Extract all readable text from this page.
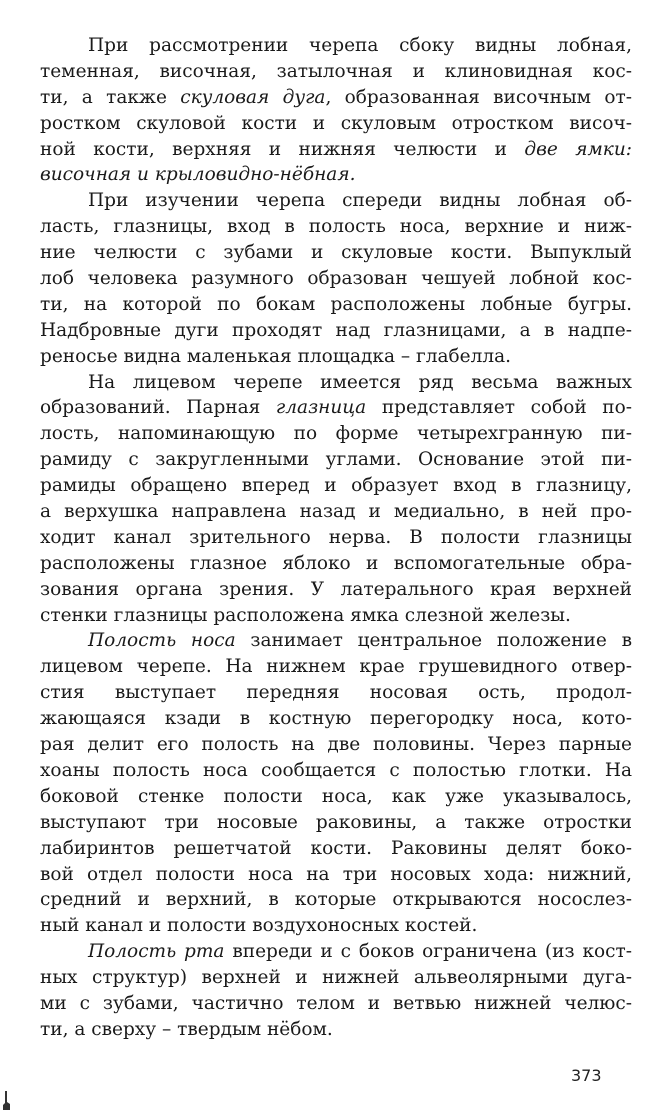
При рассмотрении черепа сбоку видны лобная,
теменная, височная, затылочная и клиновидная кос-
ти, а также скуловая дуга, образованная височным от-
ростком скуловой кости и скуловым отростком височ-
ной кости, верхняя и нижняя челюсти и две ямки:
височная и крыловидно-нёбная.
При изучении черепа спереди видны лобная об-
ласть, глазницы, вход в полость носа, верхние и ниж-
ние челюсти с зубами и скуловые кости. Выпуклый
лоб человека разумного образован чешуей лобной кос-
ти, на которой по бокам расположены лобные бугры.
Надбровные дуги проходят над глазницами, а в надпе-
реносье видна маленькая площадка – глабелла.
На лицевом черепе имеется ряд весьма важных
образований. Парная глазница представляет собой по-
лость, напоминающую по форме четырехгранную пи-
рамиду с закругленными углами. Основание этой пи-
рамиды обращено вперед и образует вход в глазницу,
а верхушка направлена назад и медиально, в ней про-
ходит канал зрительного нерва. В полости глазницы
расположены глазное яблоко и вспомогательные обра-
зования органа зрения. У латерального края верхней
стенки глазницы расположена ямка слезной железы.
Полость носа занимает центральное положение в
лицевом черепе. На нижнем крае грушевидного отвер-
стия выступает передняя носовая ость, продол-
жающаяся кзади в костную перегородку носа, кото-
рая делит его полость на две половины. Через парные
хоаны полость носа сообщается с полостью глотки. На
боковой стенке полости носа, как уже указывалось,
выступают три носовые раковины, а также отростки
лабиринтов решетчатой кости. Раковины делят боко-
вой отдел полости носа на три носовых хода: нижний,
средний и верхний, в которые открываются носослез-
ный канал и полости воздухоносных костей.
Полость рта впереди и с боков ограничена (из кост-
ных структур) верхней и нижней альвеолярными дуга-
ми с зубами, частично телом и ветвью нижней челюс-
ти, а сверху – твердым нёбом.
373
